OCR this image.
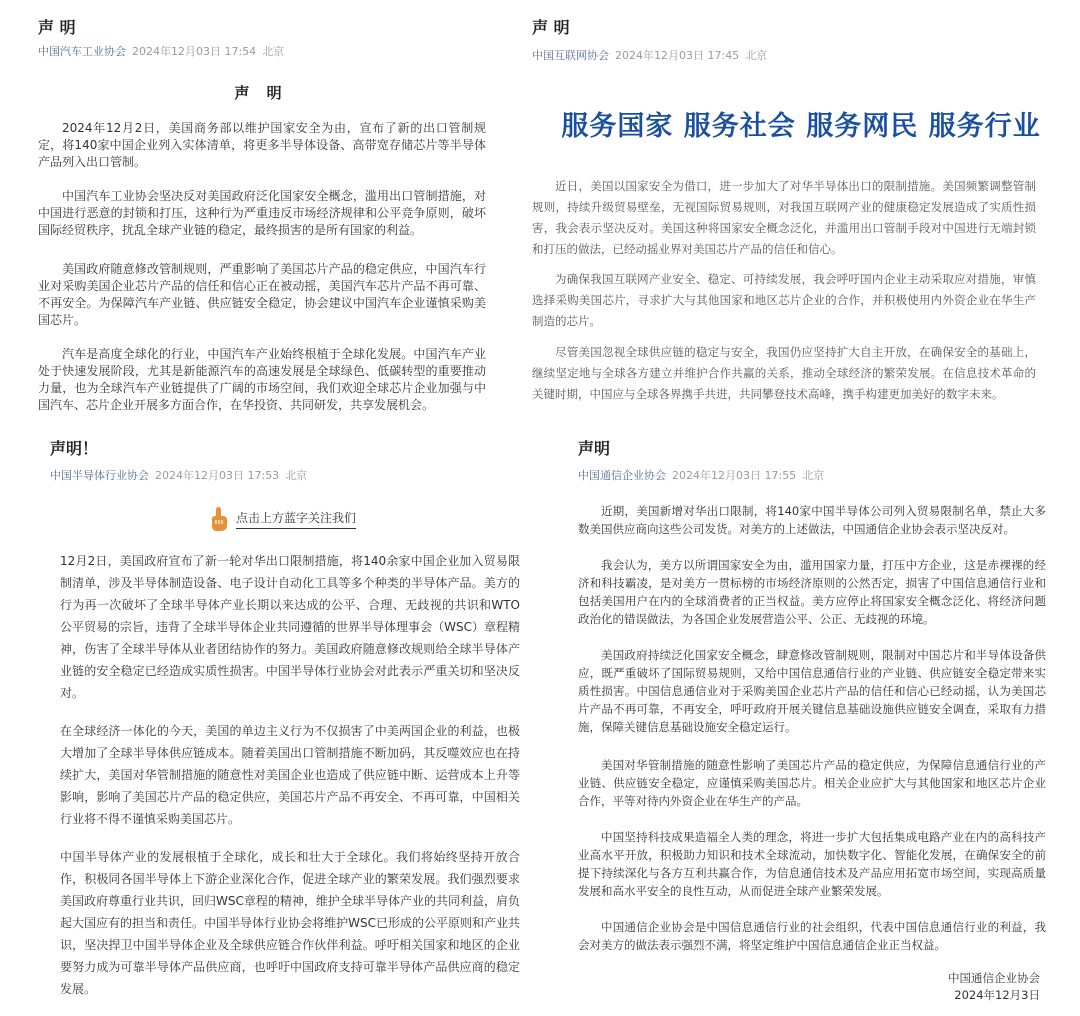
声 明
中国汽车工业协会 2024年12月03日 17:54 北京
声 明

2024年12月2日，美国商务部以维护国家安全为由，宣布了新的出口管制规定，将140家中国企业列入实体清单，将更多半导体设备、高带宽存储芯片等半导体产品列入出口管制。

中国汽车工业协会坚决反对美国政府泛化国家安全概念，滥用出口管制措施，对中国进行恶意的封锁和打压，这种行为严重违反市场经济规律和公平竞争原则，破坏国际经贸秩序，扰乱全球产业链的稳定，最终损害的是所有国家的利益。

美国政府随意修改管制规则，严重影响了美国芯片产品的稳定供应，中国汽车行业对采购美国企业芯片产品的信任和信心正在被动摇，美国汽车芯片产品不再可靠、不再安全。为保障汽车产业链、供应链安全稳定，协会建议中国汽车企业谨慎采购美国芯片。

汽车是高度全球化的行业，中国汽车产业始终根植于全球化发展。中国汽车产业处于快速发展阶段，尤其是新能源汽车的高速发展是全球绿色、低碳转型的重要推动力量，也为全球汽车产业链提供了广阔的市场空间，我们欢迎全球芯片企业加强与中国汽车、芯片企业开展多方面合作，在华投资、共同研发，共享发展机会。

声 明
中国互联网协会 2024年12月03日 17:45 北京
服务国家 服务社会 服务网民 服务行业

近日，美国以国家安全为借口，进一步加大了对华半导体出口的限制措施。美国频繁调整管制规则，持续升级贸易壁垒，无视国际贸易规则，对我国互联网产业的健康稳定发展造成了实质性损害，我会表示坚决反对。美国这种将国家安全概念泛化，并滥用出口管制手段对中国进行无端封锁和打压的做法，已经动摇业界对美国芯片产品的信任和信心。

为确保我国互联网产业安全、稳定、可持续发展，我会呼吁国内企业主动采取应对措施，审慎选择采购美国芯片，寻求扩大与其他国家和地区芯片企业的合作，并积极使用内外资企业在华生产制造的芯片。

尽管美国忽视全球供应链的稳定与安全，我国仍应坚持扩大自主开放，在确保安全的基础上，继续坚定地与全球各方建立并维护合作共赢的关系，推动全球经济的繁荣发展。在信息技术革命的关键时期，中国应与全球各界携手共进，共同攀登技术高峰，携手构建更加美好的数字未来。

声明！
中国半导体行业协会 2024年12月03日 17:53 北京
点击上方蓝字关注我们

12月2日，美国政府宣布了新一轮对华出口限制措施，将140余家中国企业加入贸易限制清单，涉及半导体制造设备、电子设计自动化工具等多个种类的半导体产品。美方的行为再一次破坏了全球半导体产业长期以来达成的公平、合理、无歧视的共识和WTO公平贸易的宗旨，违背了全球半导体企业共同遵循的世界半导体理事会（WSC）章程精神，伤害了全球半导体从业者团结协作的努力。美国政府随意修改规则给全球半导体产业链的安全稳定已经造成实质性损害。中国半导体行业协会对此表示严重关切和坚决反对。

在全球经济一体化的今天，美国的单边主义行为不仅损害了中美两国企业的利益，也极大增加了全球半导体供应链成本。随着美国出口管制措施不断加码，其反噬效应也在持续扩大，美国对华管制措施的随意性对美国企业也造成了供应链中断、运营成本上升等影响，影响了美国芯片产品的稳定供应，美国芯片产品不再安全、不再可靠，中国相关行业将不得不谨慎采购美国芯片。

中国半导体产业的发展根植于全球化，成长和壮大于全球化。我们将始终坚持开放合作，积极同各国半导体上下游企业深化合作，促进全球产业的繁荣发展。我们强烈要求美国政府尊重行业共识，回归WSC章程的精神，维护全球半导体产业的共同利益，肩负起大国应有的担当和责任。中国半导体行业协会将维护WSC已形成的公平原则和产业共识，坚决捍卫中国半导体企业及全球供应链合作伙伴利益。呼吁相关国家和地区的企业要努力成为可靠半导体产品供应商，也呼吁中国政府支持可靠半导体产品供应商的稳定发展。

声明
中国通信企业协会 2024年12月03日 17:55 北京

近期，美国新增对华出口限制，将140家中国半导体公司列入贸易限制名单，禁止大多数美国供应商向这些公司发货。对美方的上述做法，中国通信企业协会表示坚决反对。

我会认为，美方以所谓国家安全为由，滥用国家力量，打压中方企业，这是赤裸裸的经济和科技霸凌，是对美方一贯标榜的市场经济原则的公然否定，损害了中国信息通信行业和包括美国用户在内的全球消费者的正当权益。美方应停止将国家安全概念泛化、将经济问题政治化的错误做法，为各国企业发展营造公平、公正、无歧视的环境。

美国政府持续泛化国家安全概念，肆意修改管制规则，限制对中国芯片和半导体设备供应，既严重破坏了国际贸易规则，又给中国信息通信行业的产业链、供应链安全稳定带来实质性损害。中国信息通信业对于采购美国企业芯片产品的信任和信心已经动摇，认为美国芯片产品不再可靠，不再安全，呼吁政府开展关键信息基础设施供应链安全调查，采取有力措施，保障关键信息基础设施安全稳定运行。

美国对华管制措施的随意性影响了美国芯片产品的稳定供应，为保障信息通信行业的产业链、供应链安全稳定，应谨慎采购美国芯片。相关企业应扩大与其他国家和地区芯片企业合作，平等对待内外资企业在华生产的产品。

中国坚持科技成果造福全人类的理念，将进一步扩大包括集成电路产业在内的高科技产业高水平开放，积极助力知识和技术全球流动，加快数字化、智能化发展，在确保安全的前提下持续深化与各方互利共赢合作，为信息通信技术及产品应用拓宽市场空间，实现高质量发展和高水平安全的良性互动，从而促进全球产业繁荣发展。

中国通信企业协会是中国信息通信行业的社会组织，代表中国信息通信行业的利益，我会对美方的做法表示强烈不满，将坚定维护中国信息通信企业正当权益。

中国通信企业协会
2024年12月3日
